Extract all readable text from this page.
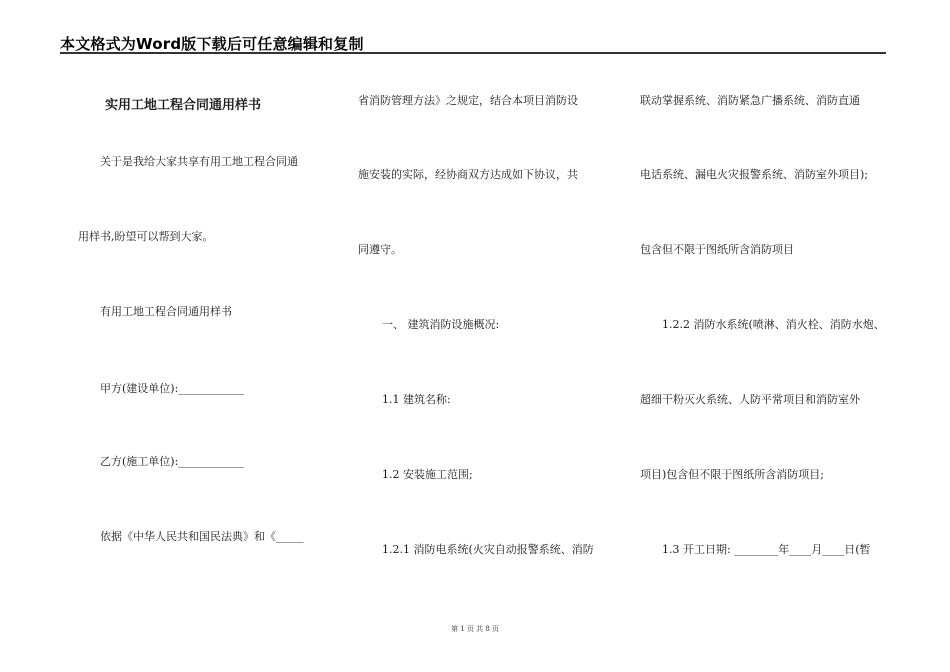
本文格式为Word版下载后可任意编辑和复制
实用工地工程合同通用样书
关于是我给大家共享有用工地工程合同通
用样书,盼望可以帮到大家。
有用工地工程合同通用样书
甲方(建设单位):____________
乙方(施工单位):____________
依据《中华人民共和国民法典》和《_____
省消防管理方法》之规定，结合本项目消防设
施安装的实际，经协商双方达成如下协议，共
同遵守。
一、 建筑消防设施概况:
1.1 建筑名称:
1.2 安装施工范围;
1.2.1 消防电系统(火灾自动报警系统、消防
联动掌握系统、消防紧急广播系统、消防直通
电话系统、漏电火灾报警系统、消防室外项目);
包含但不限于图纸所含消防项目
1.2.2 消防水系统(喷淋、消火栓、消防水炮、
超细干粉灭火系统、人防平常项目和消防室外
项目)包含但不限于图纸所含消防项目;
1.3 开工日期: ________年____月____日(暂
第 1 页 共 8 页
